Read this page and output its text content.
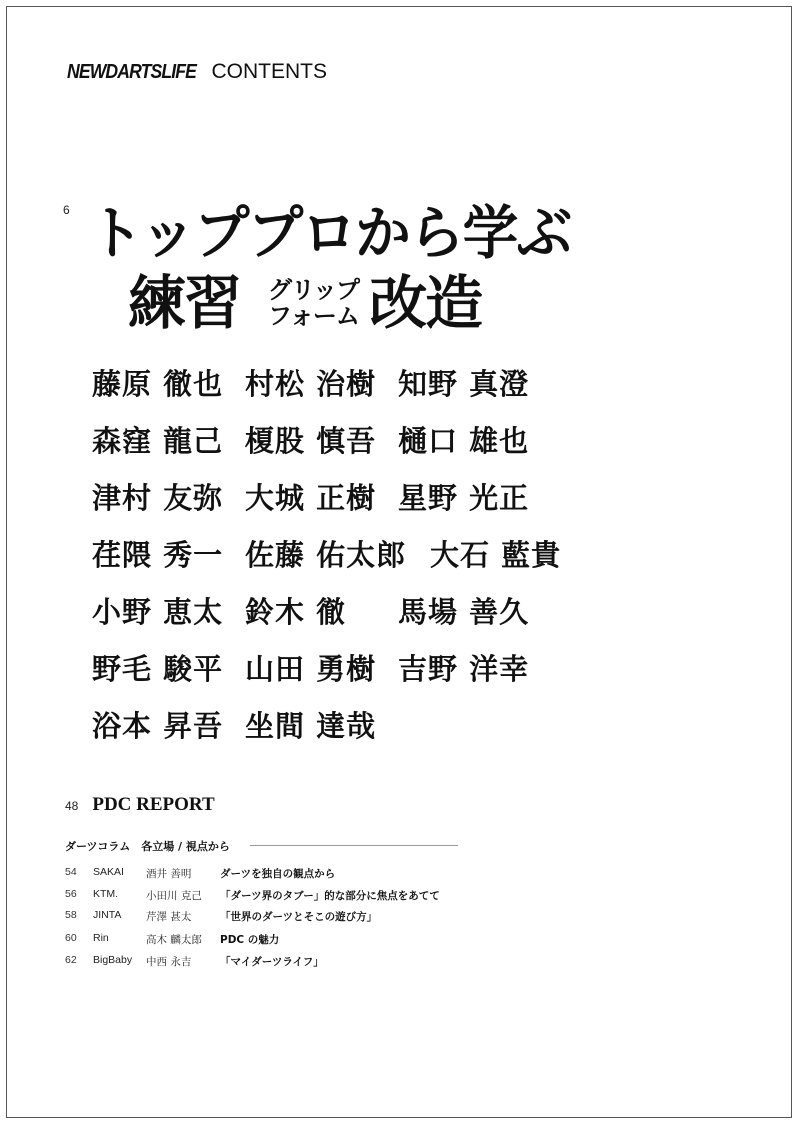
NEWDARTSLIFE CONTENTS
6 トッププロから学ぶ
練習 グリップ
フォーム 改造
藤原 徹也 村松 治樹 知野 真澄
森窪 龍己 榎股 慎吾 樋口 雄也
津村 友弥 大城 正樹 星野 光正
荏隈 秀一 佐藤 佑太郎 大石 藍貴
小野 恵太 鈴木 徹 馬場 善久
野毛 駿平 山田 勇樹 吉野 洋幸
浴本 昇吾 坐間 達哉
48 PDC REPORT
ダーツコラム　各立場 / 視点から
54 SAKAI 酒井 善明	ダーツを独自の観点から
56 KTM.	小田川 克己 「ダーツ界のタブー」的な部分に焦点をあてて
58 JINTA 芹澤 甚太	「世界のダーツとそこの遊び方」
60 Rin	高木 麟太郎 PDC の魅力
62 BigBaby 中西 永吉	「マイダーツライフ」
